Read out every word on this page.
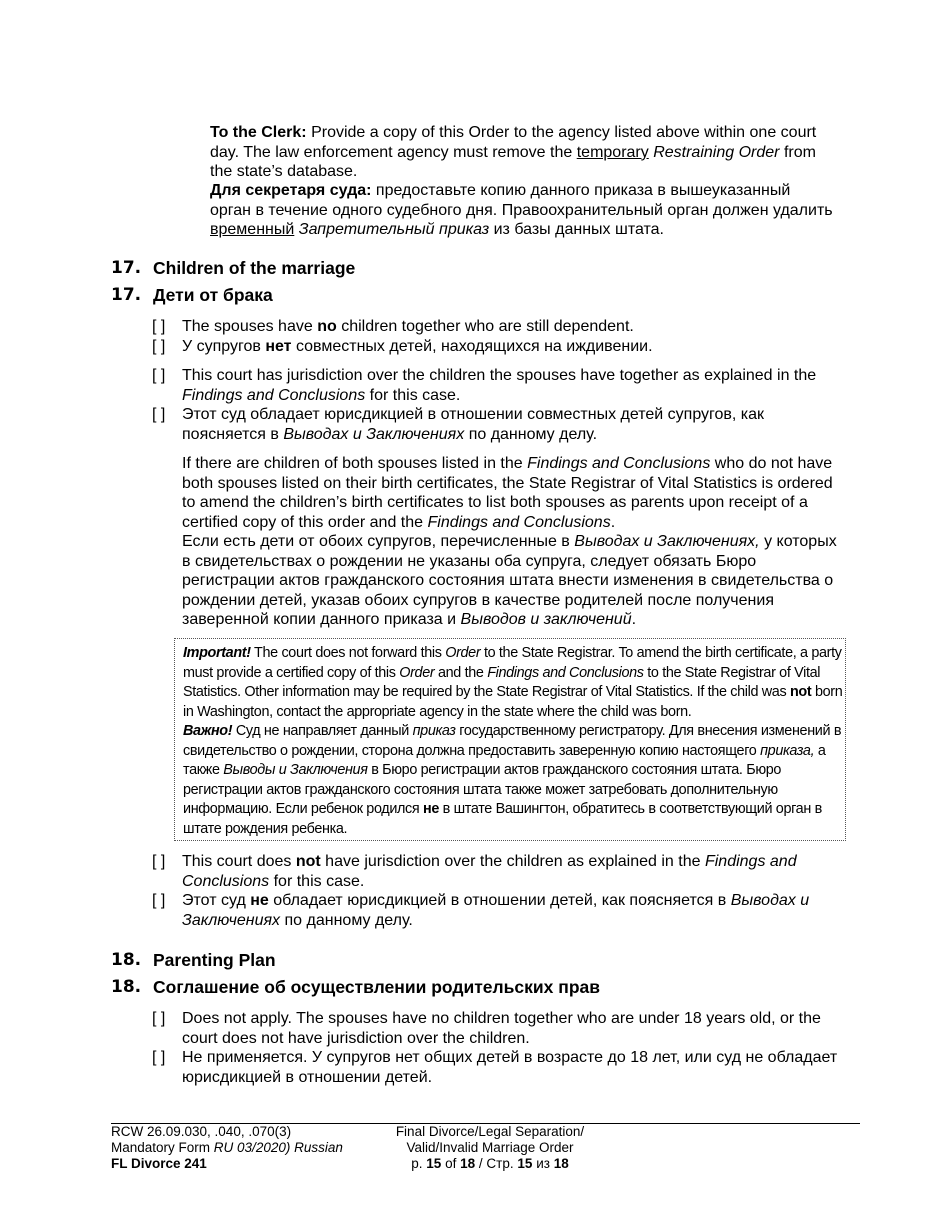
To the Clerk: Provide a copy of this Order to the agency listed above within one court day. The law enforcement agency must remove the temporary Restraining Order from the state’s database.
Для секретаря суда: предоставьте копию данного приказа в вышеуказанный орган в течение одного судебного дня. Правоохранительный орган должен удалить временный Запретительный приказ из базы данных штата.
17. Children of the marriage
17. Дети от брака
[ ] The spouses have no children together who are still dependent.
[ ] У супругов нет совместных детей, находящихся на иждивении.
[ ] This court has jurisdiction over the children the spouses have together as explained in the Findings and Conclusions for this case.
[ ] Этот суд обладает юрисдикцией в отношении совместных детей супругов, как поясняется в Выводах и Заключениях по данному делу.
If there are children of both spouses listed in the Findings and Conclusions who do not have both spouses listed on their birth certificates, the State Registrar of Vital Statistics is ordered to amend the children’s birth certificates to list both spouses as parents upon receipt of a certified copy of this order and the Findings and Conclusions.
Если есть дети от обоих супругов, перечисленные в Выводах и Заключениях, у которых в свидетельствах о рождении не указаны оба супруга, следует обязать Бюро регистрации актов гражданского состояния штата внести изменения в свидетельства о рождении детей, указав обоих супругов в качестве родителей после получения заверенной копии данного приказа и Выводов и заключений.
Important! The court does not forward this Order to the State Registrar. To amend the birth certificate, a party must provide a certified copy of this Order and the Findings and Conclusions to the State Registrar of Vital Statistics. Other information may be required by the State Registrar of Vital Statistics. If the child was not born in Washington, contact the appropriate agency in the state where the child was born.
Важно! Суд не направляет данный приказ государственному регистратору. Для внесения изменений в свидетельство о рождении, сторона должна предоставить заверенную копию настоящего приказа, а также Выводы и Заключения в Бюро регистрации актов гражданского состояния штата. Бюро регистрации актов гражданского состояния штата также может затребовать дополнительную информацию. Если ребенок родился не в штате Вашингтон, обратитесь в соответствующий орган в штате рождения ребенка.
[ ] This court does not have jurisdiction over the children as explained in the Findings and Conclusions for this case.
[ ] Этот суд не обладает юрисдикцией в отношении детей, как поясняется в Выводах и Заключениях по данному делу.
18. Parenting Plan
18. Соглашение об осуществлении родительских прав
[ ] Does not apply. The spouses have no children together who are under 18 years old, or the court does not have jurisdiction over the children.
[ ] Не применяется. У супругов нет общих детей в возрасте до 18 лет, или суд не обладает юрисдикцией в отношении детей.
RCW 26.09.030, .040, .070(3)
Mandatory Form RU 03/2020) Russian
FL Divorce 241
Final Divorce/Legal Separation/
Valid/Invalid Marriage Order
p. 15 of 18 / Стр. 15 из 18
